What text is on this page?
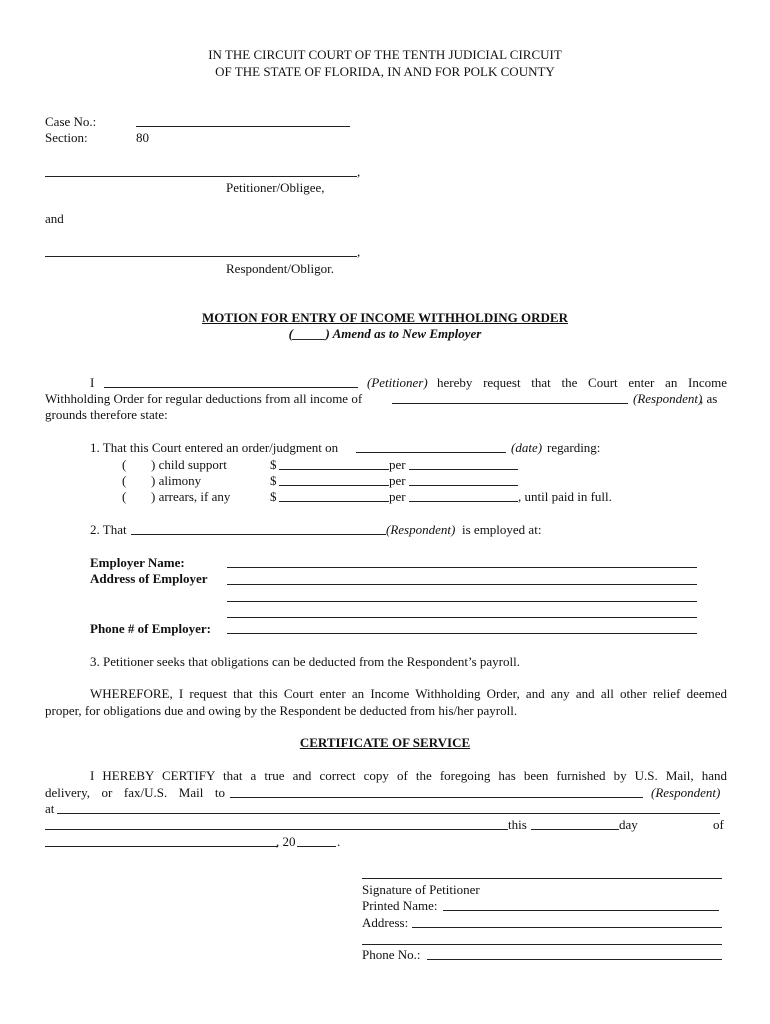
IN THE CIRCUIT COURT OF THE TENTH JUDICIAL CIRCUIT
OF THE STATE OF FLORIDA, IN AND FOR POLK COUNTY
Case No.:
Section:	80
,
Petitioner/Obligee,
and
,
Respondent/Obligor.
MOTION FOR ENTRY OF INCOME WITHHOLDING ORDER
(_____) Amend as to New Employer
I	(Petitioner) hereby request that the Court enter an Income
Withholding Order for regular deductions from all income of	(Respondent)
, as
grounds therefore state:
1. That this Court entered an order/judgment on	(date) regarding:
( ) child support	$	per
( ) alimony	$	per
( ) arrears, if any	$	per	, until paid in full.
2. That	(Respondent) is employed at:
Employer Name:
Address of Employer
Phone # of Employer:
3. Petitioner seeks that obligations can be deducted from the Respondent’s payroll.
WHEREFORE, I request that this Court enter an Income Withholding Order, and any and all other relief deemed
proper, for obligations due and owing by the Respondent be deducted from his/her payroll.
CERTIFICATE OF SERVICE
I HEREBY CERTIFY that a true and correct copy of the foregoing has been furnished by U.S. Mail, hand
delivery, or fax/U.S. Mail to	(Respondent)
at
this	day	of
, 20	.
Signature of Petitioner
Printed Name:
Address:
Phone No.:
